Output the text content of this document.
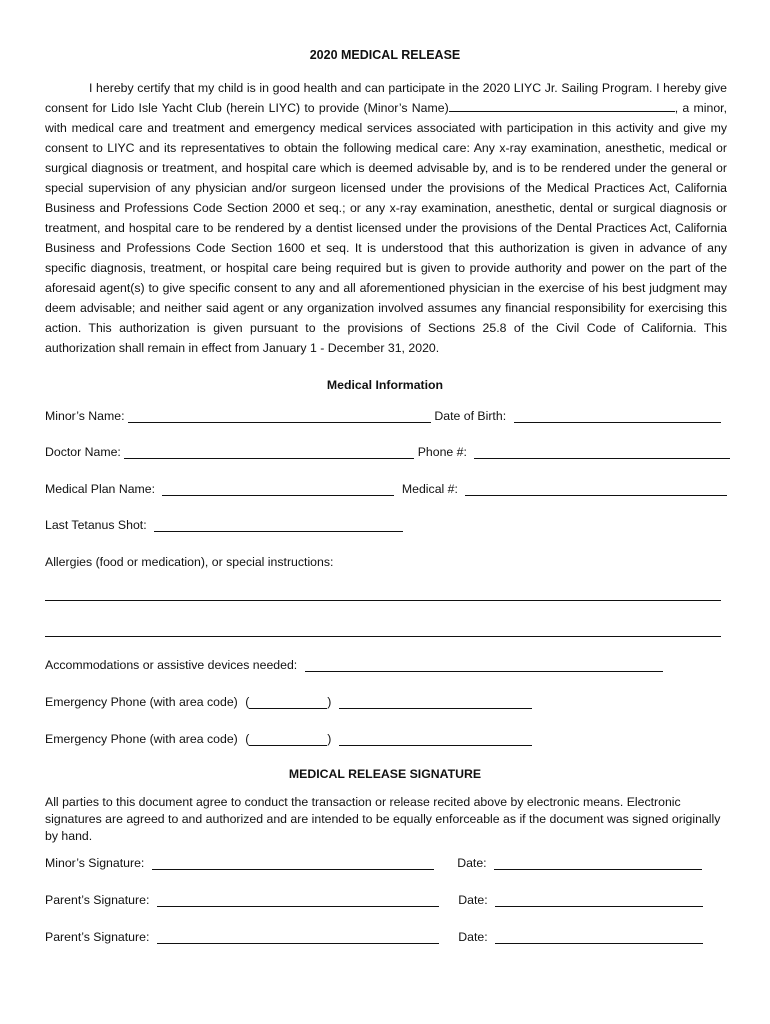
2020 MEDICAL RELEASE

I hereby certify that my child is in good health and can participate in the 2020 LIYC Jr. Sailing Program. I hereby give consent for Lido Isle Yacht Club (herein LIYC) to provide (Minor’s Name)	, a minor, with medical care and treatment and emergency medical services associated with participation in this activity and give my consent to LIYC and its representatives to obtain the following medical care: Any x-ray examination, anesthetic, medical or surgical diagnosis or treatment, and hospital care which is deemed advisable by, and is to be rendered under the general or special supervision of any physician and/or surgeon licensed under the provisions of the Medical Practices Act, California Business and Professions Code Section 2000 et seq.; or any x-ray examination, anesthetic, dental or surgical diagnosis or treatment, and hospital care to be rendered by a dentist licensed under the provisions of the Dental Practices Act, California Business and Professions Code Section 1600 et seq. It is understood that this authorization is given in advance of any specific diagnosis, treatment, or hospital care being required but is given to provide authority and power on the part of the aforesaid agent(s) to give specific consent to any and all aforementioned physician in the exercise of his best judgment may deem advisable; and neither said agent or any organization involved assumes any financial responsibility for exercising this action. This authorization is given pursuant to the provisions of Sections 25.8 of the Civil Code of California. This authorization shall remain in effect from January 1 - December 31, 2020.

Medical Information
Minor’s Name:	Date of Birth:
Doctor Name:	Phone #:
Medical Plan Name:	Medical #:
Last Tetanus Shot:
Allergies (food or medication), or special instructions:
Accommodations or assistive devices needed:
Emergency Phone (with area code) (	)
Emergency Phone (with area code) (	)
MEDICAL RELEASE SIGNATURE

All parties to this document agree to conduct the transaction or release recited above by electronic means. Electronic signatures are agreed to and authorized and are intended to be equally enforceable as if the document was signed originally by hand.

Minor’s Signature:	Date:
Parent’s Signature:	Date:
Parent’s Signature:	Date:
